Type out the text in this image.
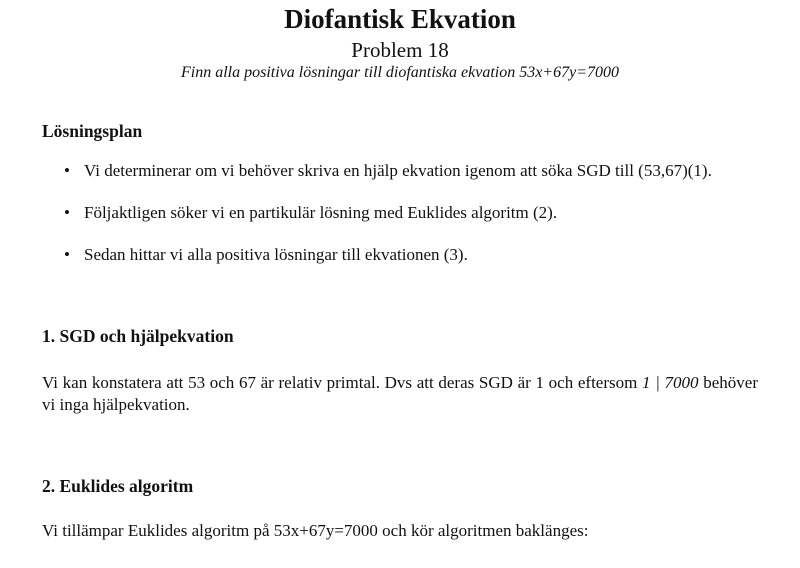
Diofantisk Ekvation
Problem 18
Finn alla positiva lösningar till diofantiska ekvation 53x+67y=7000
Lösningsplan
• Vi determinerar om vi behöver skriva en hjälp ekvation igenom att söka SGD till (53,67)(1).
• Följaktligen söker vi en partikulär lösning med Euklides algoritm (2).
• Sedan hittar vi alla positiva lösningar till ekvationen (3).
1. SGD och hjälpekvation

Vi kan konstatera att 53 och 67 är relativ primtal. Dvs att deras SGD är 1 och eftersom 1 | 7000 behöver vi inga hjälpekvation.

2. Euklides algoritm

Vi tillämpar Euklides algoritm på 53x+67y=7000 och kör algoritmen baklänges:
